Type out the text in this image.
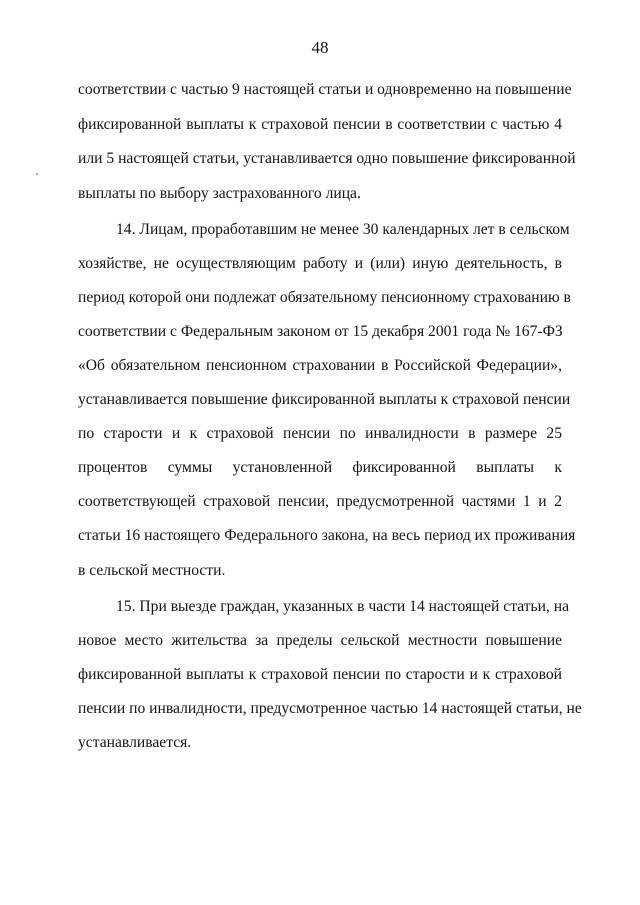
48
соответствии с частью 9 настоящей статьи и одновременно на повышение
фиксированной выплаты к страховой пенсии в соответствии с частью 4
или 5 настоящей статьи, устанавливается одно повышение фиксированной
выплаты по выбору застрахованного лица.
14. Лицам, проработавшим не менее 30 календарных лет в сельском
хозяйстве, не осуществляющим работу и (или) иную деятельность, в
период которой они подлежат обязательному пенсионному страхованию в
соответствии с Федеральным законом от 15 декабря 2001 года № 167-ФЗ
«Об обязательном пенсионном страховании в Российской Федерации»,
устанавливается повышение фиксированной выплаты к страховой пенсии
по старости и к страховой пенсии по инвалидности в размере 25
процентов суммы установленной фиксированной выплаты к
соответствующей страховой пенсии, предусмотренной частями 1 и 2
статьи 16 настоящего Федерального закона, на весь период их проживания
в сельской местности.
15. При выезде граждан, указанных в части 14 настоящей статьи, на
новое место жительства за пределы сельской местности повышение
фиксированной выплаты к страховой пенсии по старости и к страховой
пенсии по инвалидности, предусмотренное частью 14 настоящей статьи, не
устанавливается.
